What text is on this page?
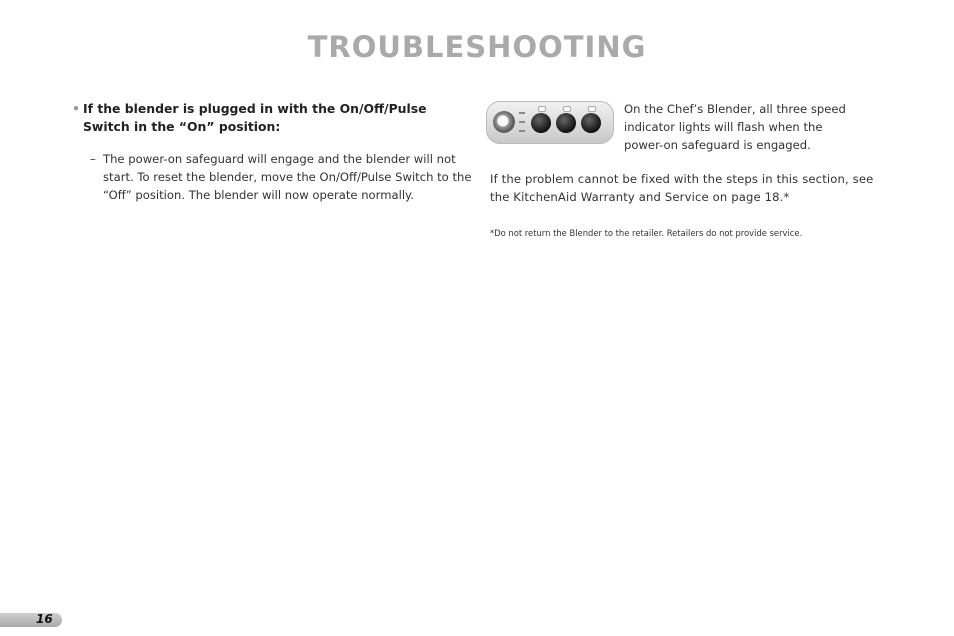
TROUBLESHOOTING
• If the blender is plugged in with the On/Off/Pulse Switch in the “On” position:
– The power-on safeguard will engage and the blender will not start. To reset the blender, move the On/Off/Pulse Switch to the “Off” position. The blender will now operate normally.
On the Chef’s Blender, all three speed indicator lights will flash when the power-on safeguard is engaged.
If the problem cannot be fixed with the steps in this section, see the KitchenAid Warranty and Service on page 18.*
*Do not return the Blender to the retailer. Retailers do not provide service.
16
